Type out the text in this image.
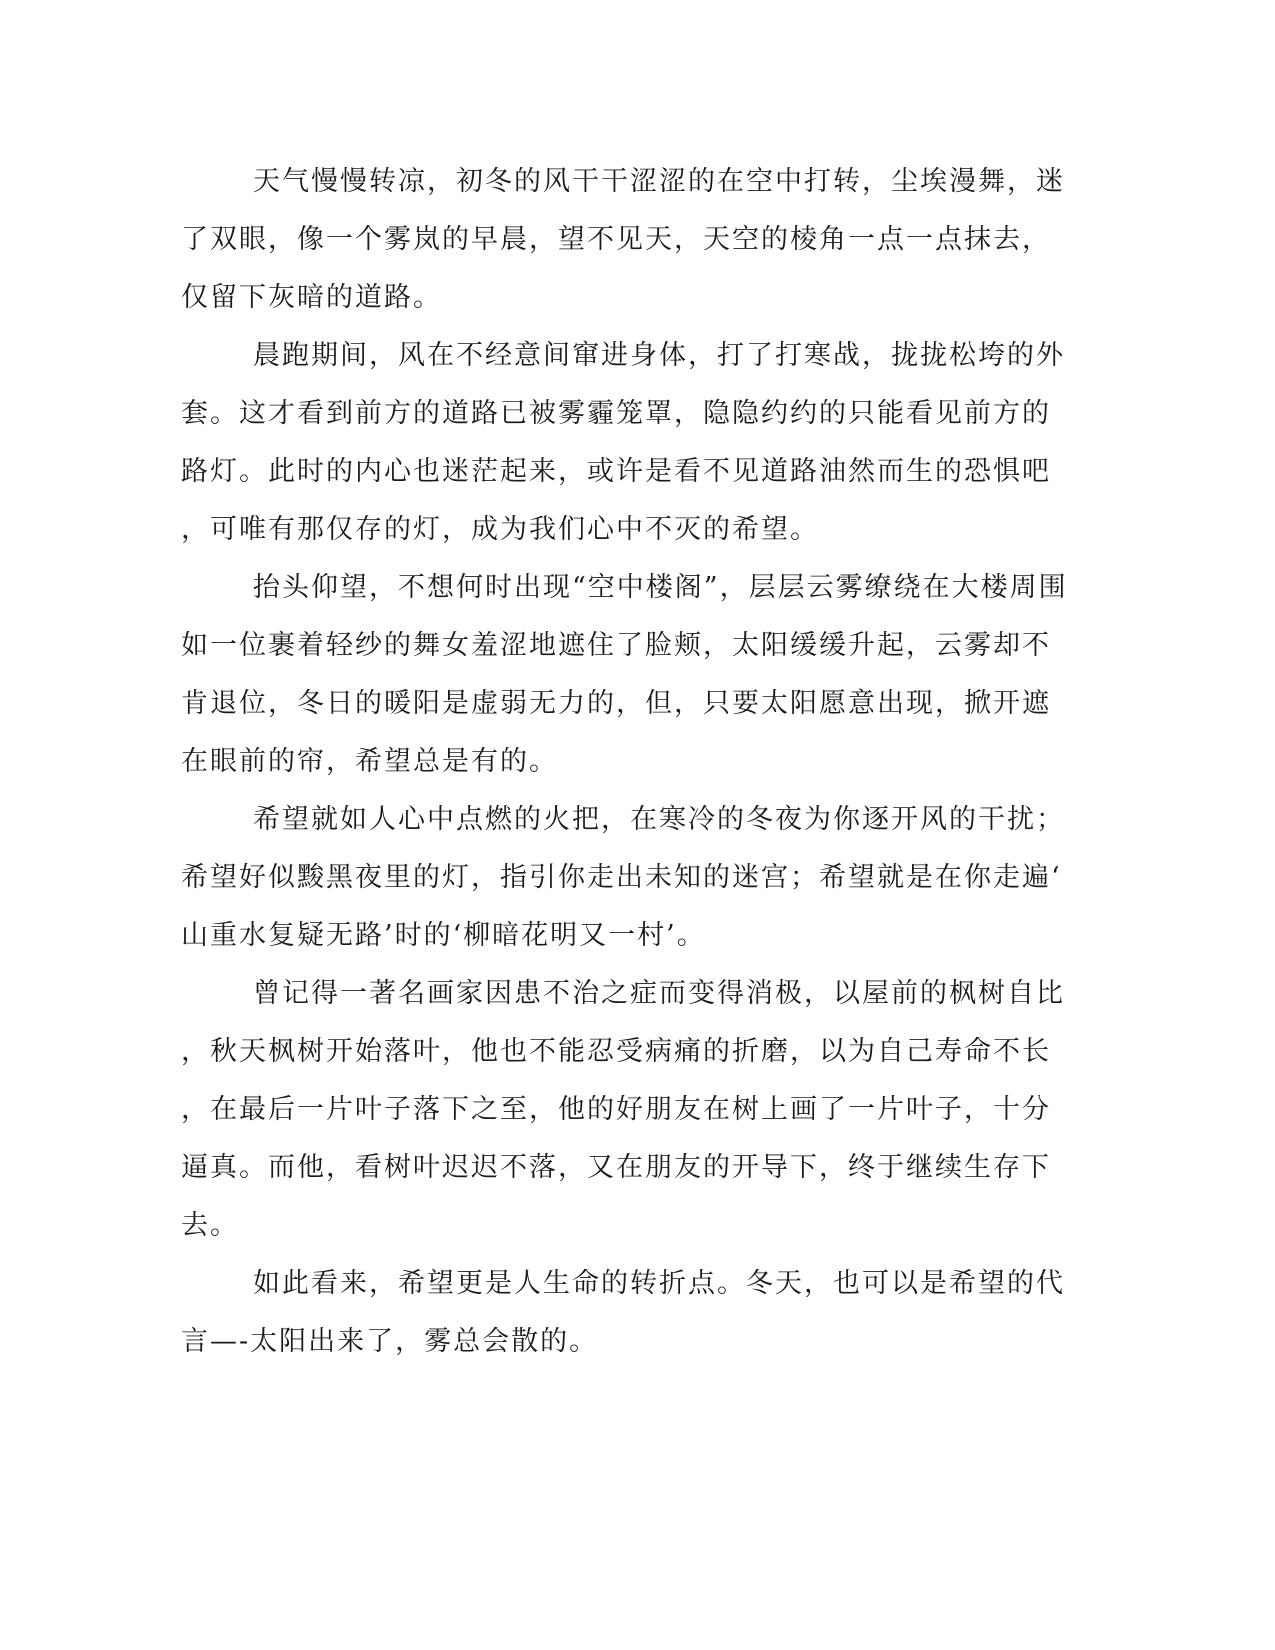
天气慢慢转凉，初冬的风干干涩涩的在空中打转，尘埃漫舞，迷
了双眼，像一个雾岚的早晨，望不见天，天空的棱角一点一点抹去，
仅留下灰暗的道路。
晨跑期间，风在不经意间窜进身体，打了打寒战，拢拢松垮的外
套。这才看到前方的道路已被雾霾笼罩，隐隐约约的只能看见前方的
路灯。此时的内心也迷茫起来，或许是看不见道路油然而生的恐惧吧
，可唯有那仅存的灯，成为我们心中不灭的希望。
抬头仰望，不想何时出现“空中楼阁”，层层云雾缭绕在大楼周围
如一位裹着轻纱的舞女羞涩地遮住了脸颊，太阳缓缓升起，云雾却不
肯退位，冬日的暖阳是虚弱无力的，但，只要太阳愿意出现，掀开遮
在眼前的帘，希望总是有的。
希望就如人心中点燃的火把，在寒冷的冬夜为你逐开风的干扰；
希望好似黢黑夜里的灯，指引你走出未知的迷宫；希望就是在你走遍‘
山重水复疑无路’时的‘柳暗花明又一村’。
曾记得一著名画家因患不治之症而变得消极，以屋前的枫树自比
，秋天枫树开始落叶，他也不能忍受病痛的折磨，以为自己寿命不长
，在最后一片叶子落下之至，他的好朋友在树上画了一片叶子，十分
逼真。而他，看树叶迟迟不落，又在朋友的开导下，终于继续生存下
去。
如此看来，希望更是人生命的转折点。冬天，也可以是希望的代
言—-太阳出来了，雾总会散的。
